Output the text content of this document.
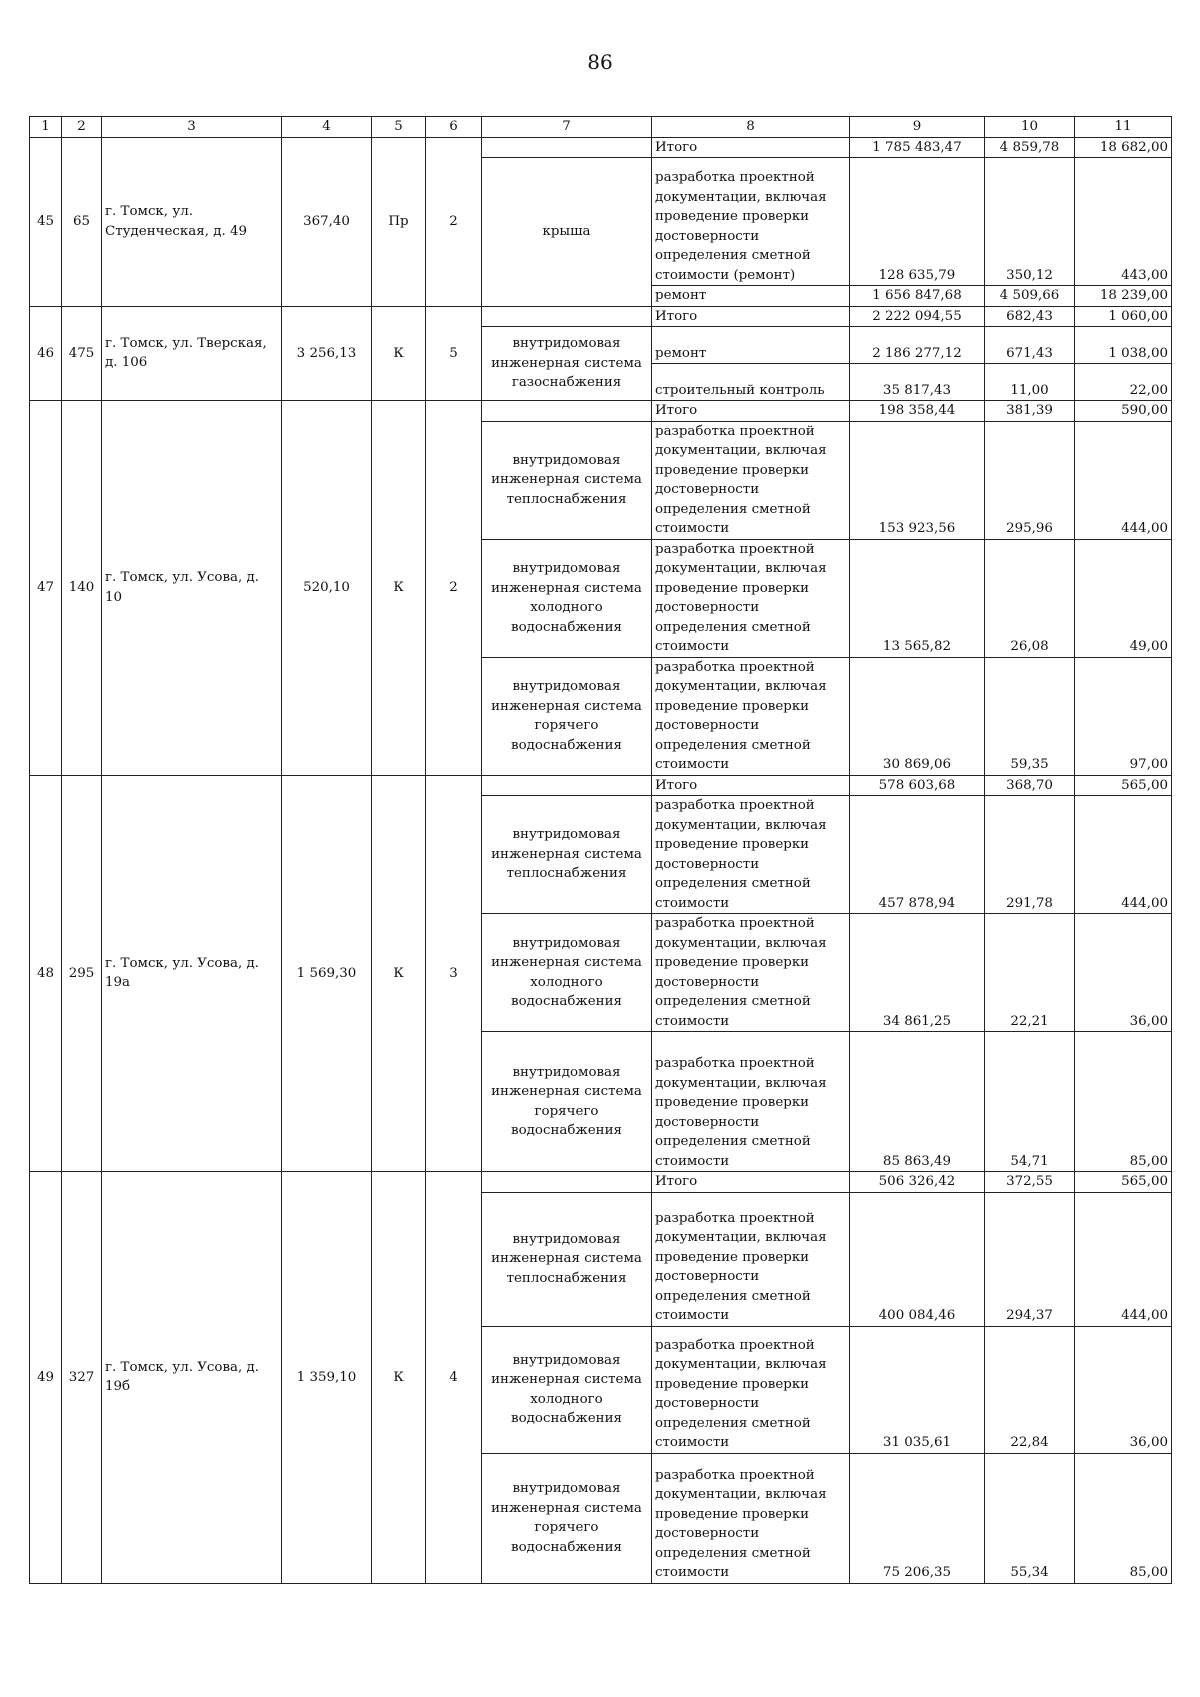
86
1	2	3	4	5	6	7	8	9	10	11
45	65	г. Томск, ул. Студенческая, д. 49	367,40	Пр	2		Итого	1 785 483,47	4 859,78	18 682,00
						крыша	разработка проектной документации, включая проведение проверки достоверности определения сметной стоимости (ремонт)	128 635,79	350,12	443,00
							ремонт	1 656 847,68	4 509,66	18 239,00
46	475	г. Томск, ул. Тверская, д. 106	3 256,13	К	5		Итого	2 222 094,55	682,43	1 060,00
						внутридомовая инженерная система газоснабжения	ремонт	2 186 277,12	671,43	1 038,00
							строительный контроль	35 817,43	11,00	22,00
47	140	г. Томск, ул. Усова, д. 10	520,10	К	2		Итого	198 358,44	381,39	590,00
						внутридомовая инженерная система теплоснабжения	разработка проектной документации, включая проведение проверки достоверности определения сметной стоимости	153 923,56	295,96	444,00
						внутридомовая инженерная система холодного водоснабжения	разработка проектной документации, включая проведение проверки достоверности определения сметной стоимости	13 565,82	26,08	49,00
						внутридомовая инженерная система горячего водоснабжения	разработка проектной документации, включая проведение проверки достоверности определения сметной стоимости	30 869,06	59,35	97,00
48	295	г. Томск, ул. Усова, д. 19а	1 569,30	К	3		Итого	578 603,68	368,70	565,00
						внутридомовая инженерная система теплоснабжения	разработка проектной документации, включая проведение проверки достоверности определения сметной стоимости	457 878,94	291,78	444,00
						внутридомовая инженерная система холодного водоснабжения	разработка проектной документации, включая проведение проверки достоверности определения сметной стоимости	34 861,25	22,21	36,00
						внутридомовая инженерная система горячего водоснабжения	разработка проектной документации, включая проведение проверки достоверности определения сметной стоимости	85 863,49	54,71	85,00
49	327	г. Томск, ул. Усова, д. 19б	1 359,10	К	4		Итого	506 326,42	372,55	565,00
						внутридомовая инженерная система теплоснабжения	разработка проектной документации, включая проведение проверки достоверности определения сметной стоимости	400 084,46	294,37	444,00
						внутридомовая инженерная система холодного водоснабжения	разработка проектной документации, включая проведение проверки достоверности определения сметной стоимости	31 035,61	22,84	36,00
						внутридомовая инженерная система горячего водоснабжения	разработка проектной документации, включая проведение проверки достоверности определения сметной стоимости	75 206,35	55,34	85,00
